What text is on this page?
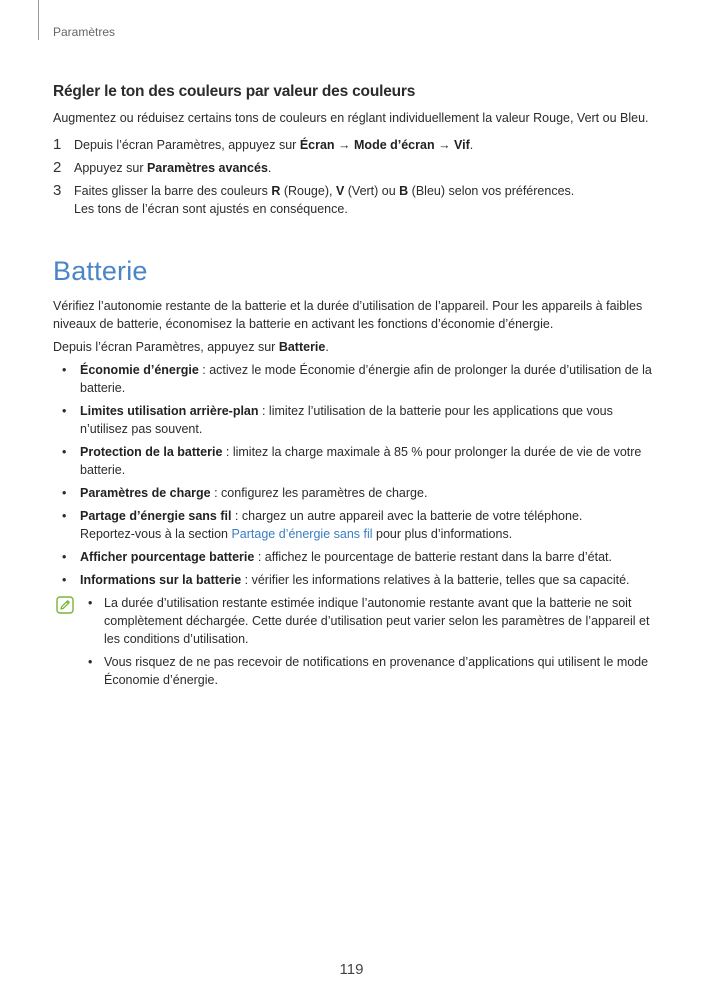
Paramètres
Régler le ton des couleurs par valeur des couleurs

Augmentez ou réduisez certains tons de couleurs en réglant individuellement la valeur Rouge, Vert ou Bleu.

1	Depuis l’écran Paramètres, appuyez sur Écran → Mode d’écran → Vif.
2	Appuyez sur Paramètres avancés.
3	Faites glisser la barre des couleurs R (Rouge), V (Vert) ou B (Bleu) selon vos préférences.
Les tons de l’écran sont ajustés en conséquence.
Batterie

Vérifiez l’autonomie restante de la batterie et la durée d’utilisation de l’appareil. Pour les appareils à faibles niveaux de batterie, économisez la batterie en activant les fonctions d’économie d’énergie.

Depuis l’écran Paramètres, appuyez sur Batterie.

• Économie d’énergie : activez le mode Économie d’énergie afin de prolonger la durée d’utilisation de la batterie.
• Limites utilisation arrière-plan : limitez l’utilisation de la batterie pour les applications que vous n’utilisez pas souvent.
• Protection de la batterie : limitez la charge maximale à 85 % pour prolonger la durée de vie de votre batterie.
• Paramètres de charge : configurez les paramètres de charge.
• Partage d’énergie sans fil : chargez un autre appareil avec la batterie de votre téléphone.
Reportez-vous à la section Partage d’énergie sans fil pour plus d’informations.
• Afficher pourcentage batterie : affichez le pourcentage de batterie restant dans la barre d’état.
• Informations sur la batterie : vérifier les informations relatives à la batterie, telles que sa capacité.
• La durée d’utilisation restante estimée indique l’autonomie restante avant que la batterie ne soit complètement déchargée. Cette durée d’utilisation peut varier selon les paramètres de l’appareil et les conditions d’utilisation.
• Vous risquez de ne pas recevoir de notifications en provenance d’applications qui utilisent le mode Économie d’énergie.
119
